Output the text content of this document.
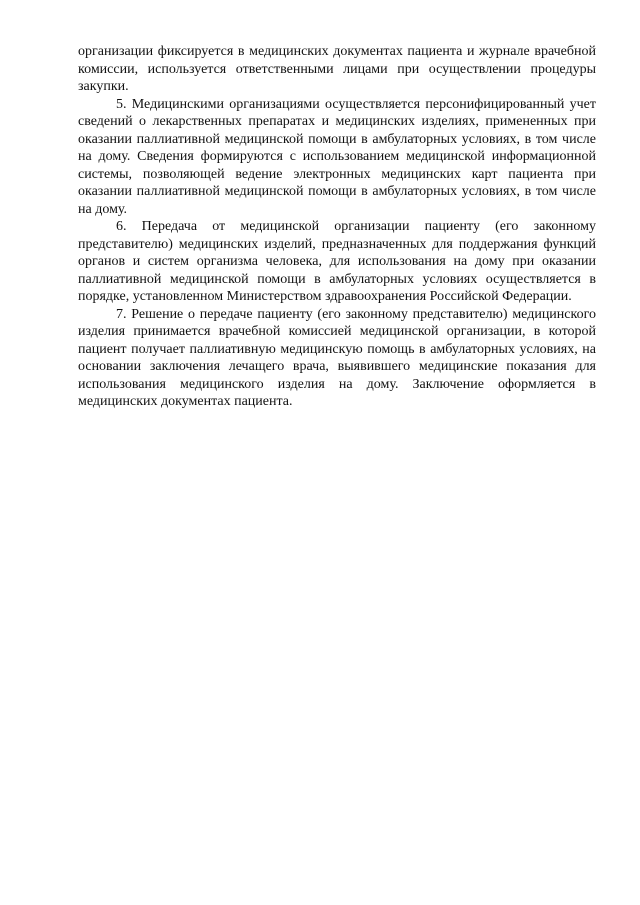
организации фиксируется в медицинских документах пациента и журнале врачебной комиссии, используется ответственными лицами при осуществлении процедуры закупки.

5. Медицинскими организациями осуществляется персонифицированный учет сведений о лекарственных препаратах и медицинских изделиях, примененных при оказании паллиативной медицинской помощи в амбулаторных условиях, в том числе на дому. Сведения формируются с использованием медицинской информационной системы, позволяющей ведение электронных медицинских карт пациента при оказании паллиативной медицинской помощи в амбулаторных условиях, в том числе на дому.

6. Передача от медицинской организации пациенту (его законному представителю) медицинских изделий, предназначенных для поддержания функций органов и систем организма человека, для использования на дому при оказании паллиативной медицинской помощи в амбулаторных условиях осуществляется в порядке, установленном Министерством здравоохранения Российской Федерации.

7. Решение о передаче пациенту (его законному представителю) медицинского изделия принимается врачебной комиссией медицинской организации, в которой пациент получает паллиативную медицинскую помощь в амбулаторных условиях, на основании заключения лечащего врача, выявившего медицинские показания для использования медицинского изделия на дому. Заключение оформляется в медицинских документах пациента.
